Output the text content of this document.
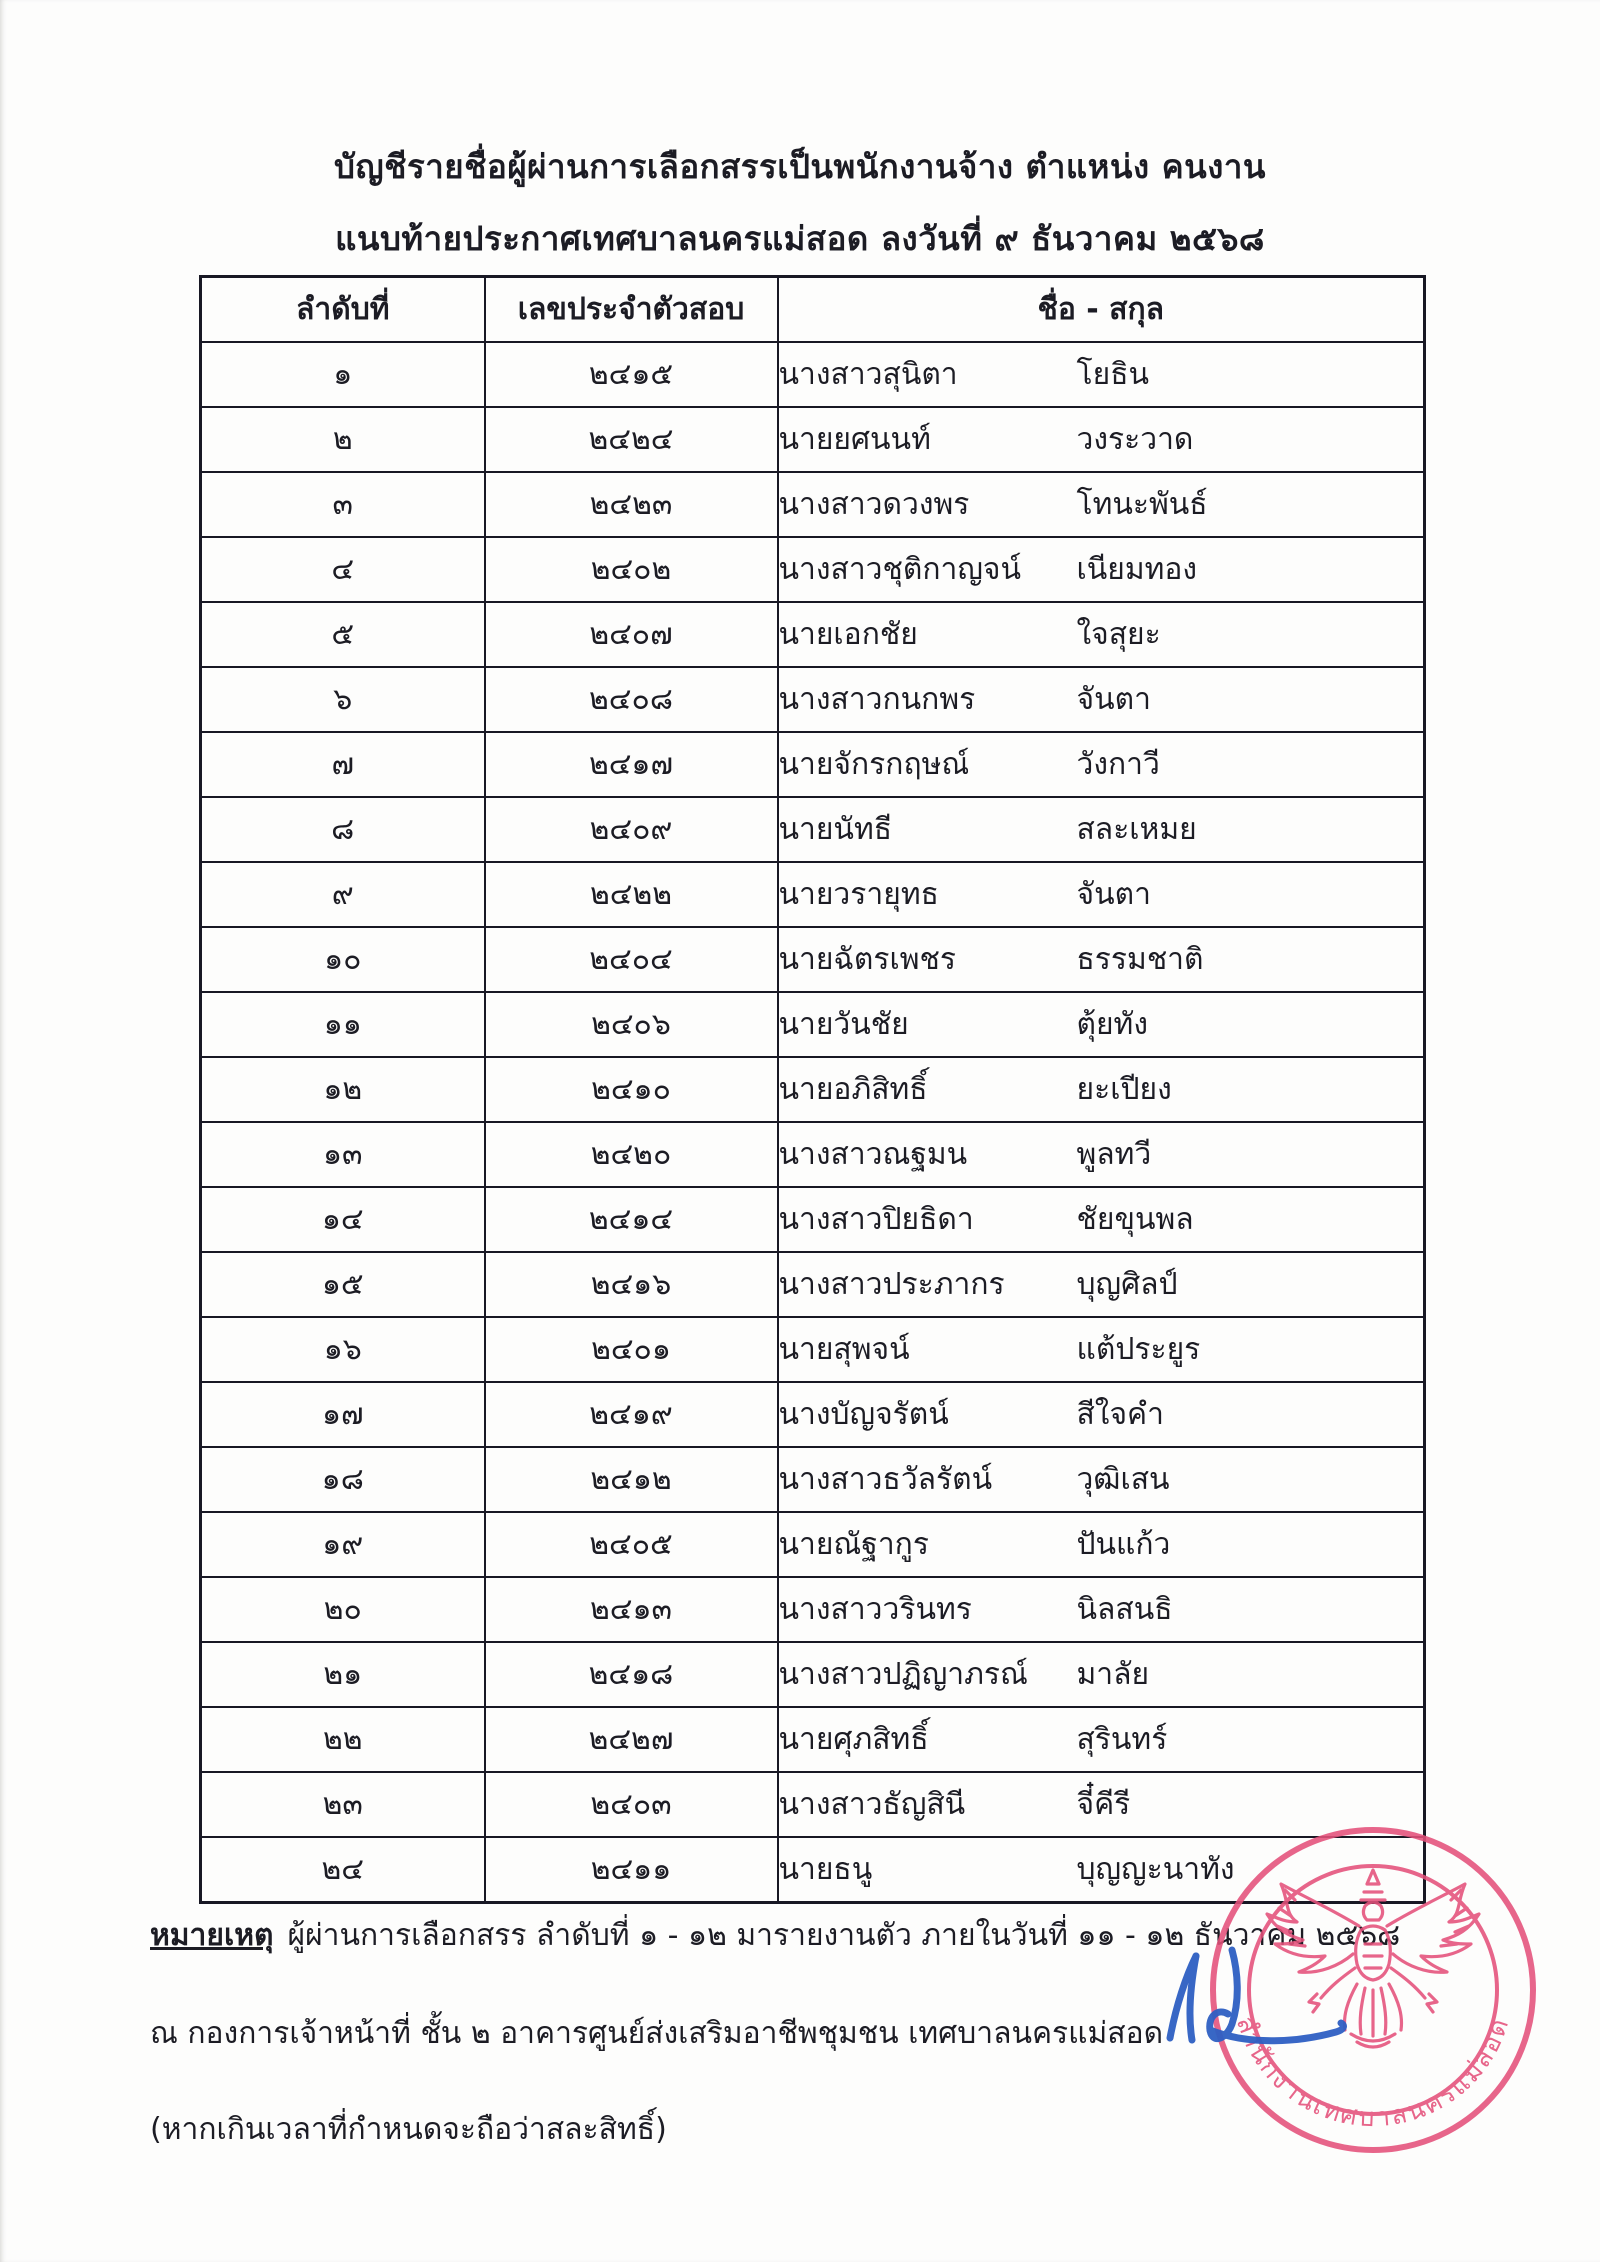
บัญชีรายชื่อผู้ผ่านการเลือกสรรเป็นพนักงานจ้าง ตำแหน่ง คนงาน
แนบท้ายประกาศเทศบาลนครแม่สอด ลงวันที่ ๙ ธันวาคม ๒๕๖๘
ลำดับที่	เลขประจำตัวสอบ	ชื่อ - สกุล
๑	๒๔๑๕	นางสาวสุนิตา โยธิน
๒	๒๔๒๔	นายยศนนท์ วงระวาด
๓	๒๔๒๓	นางสาวดวงพร โทนะพันธ์
๔	๒๔๐๒	นางสาวชุติกาญจน์ เนียมทอง
๕	๒๔๐๗	นายเอกชัย ใจสุยะ
๖	๒๔๐๘	นางสาวกนกพร จันตา
๗	๒๔๑๗	นายจักรกฤษณ์ วังกาวี
๘	๒๔๐๙	นายนัทธี สละเหมย
๙	๒๔๒๒	นายวรายุทธ จันตา
๑๐	๒๔๐๔	นายฉัตรเพชร ธรรมชาติ
๑๑	๒๔๐๖	นายวันชัย ตุ้ยทัง
๑๒	๒๔๑๐	นายอภิสิทธิ์ ยะเปียง
๑๓	๒๔๒๐	นางสาวณฐมน พูลทวี
๑๔	๒๔๑๔	นางสาวปิยธิดา ชัยขุนพล
๑๕	๒๔๑๖	นางสาวประภากร บุญศิลป์
๑๖	๒๔๐๑	นายสุพจน์ แต้ประยูร
๑๗	๒๔๑๙	นางบัญจรัตน์ สีใจคำ
๑๘	๒๔๑๒	นางสาวธวัลรัตน์ วุฒิเสน
๑๙	๒๔๐๕	นายณัฐากูร ปันแก้ว
๒๐	๒๔๑๓	นางสาววรินทร นิลสนธิ
๒๑	๒๔๑๘	นางสาวปฏิญาภรณ์ มาลัย
๒๒	๒๔๒๗	นายศุภสิทธิ์ สุรินทร์
๒๓	๒๔๐๓	นางสาวธัญสินี จี๋คีรี
๒๔	๒๔๑๑	นายธนู บุญญะนาทัง
หมายเหตุ ผู้ผ่านการเลือกสรร ลำดับที่ ๑ - ๑๒ มารายงานตัว ภายในวันที่ ๑๑ - ๑๒ ธันวาคม ๒๕๖๘
ณ กองการเจ้าหน้าที่ ชั้น ๒ อาคารศูนย์ส่งเสริมอาชีพชุมชน เทศบาลนครแม่สอด
(หากเกินเวลาที่กำหนดจะถือว่าสละสิทธิ์)
สำนักงานเทศบาลนครแม่สอด
